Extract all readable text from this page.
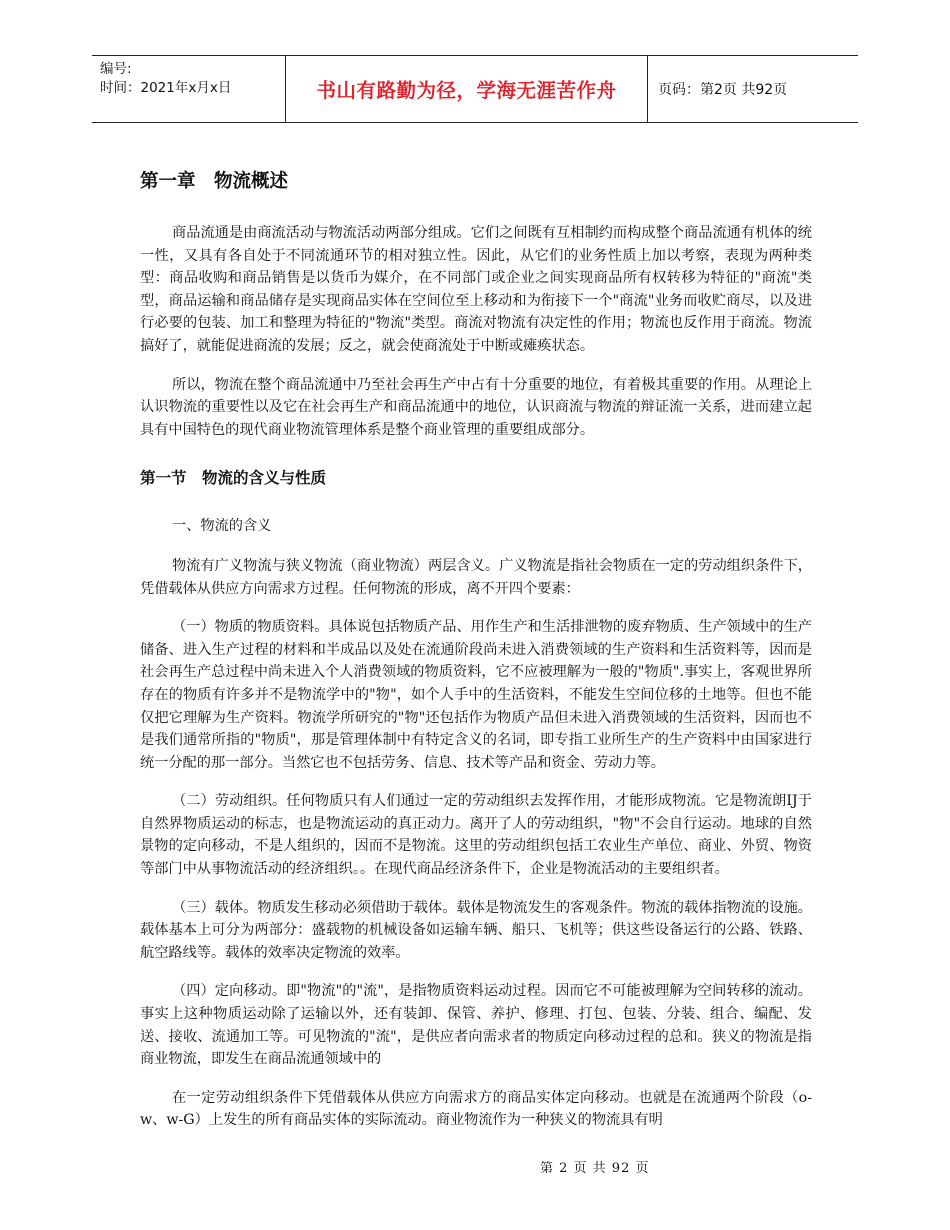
编号:
时间：2021年x月x日	书山有路勤为径，学海无涯苦作舟	页码：第2页 共92页
第一章　物流概述

商品流通是由商流活动与物流活动两部分组成。它们之间既有互相制约而构成整个商品流通有机体的统一性，又具有各自处于不同流通环节的相对独立性。因此，从它们的业务性质上加以考察，表现为两种类型：商品收购和商品销售是以货币为媒介，在不同部门或企业之间实现商品所有权转移为特征的"商流"类型，商品运输和商品储存是实现商品实体在空间位至上移动和为衔接下一个"商流"业务而收贮商尽，以及进行必要的包装、加工和整理为特征的"物流"类型。商流对物流有决定性的作用；物流也反作用于商流。物流搞好了，就能促进商流的发展；反之，就会使商流处于中断或瘫痪状态。

所以，物流在整个商品流通中乃至社会再生产中占有十分重要的地位，有着极其重要的作用。从理论上认识物流的重要性以及它在社会再生产和商品流通中的地位，认识商流与物流的辩证流一关系，进而建立起具有中国特色的现代商业物流管理体系是整个商业管理的重要组成部分。

第一节　物流的含义与性质
一、物流的含义

物流有广义物流与狭义物流（商业物流）两层含义。广义物流是指社会物质在一定的劳动组织条件下，凭借载体从供应方向需求方过程。任何物流的形成，离不开四个要素：

（一）物质的物质资料。具体说包括物质产品、用作生产和生活排泄物的废弃物质、生产领域中的生产储备、进入生产过程的材料和半成品以及处在流通阶段尚未进入消费领域的生产资料和生活资料等，因而是社会再生产总过程中尚未进入个人消费领域的物质资料，它不应被理解为一般的"物质".事实上，客观世界所存在的物质有许多并不是物流学中的"物"，如个人手中的生活资料，不能发生空间位移的土地等。但也不能仅把它理解为生产资料。物流学所研究的"物"还包括作为物质产品但未进入消费领域的生活资料，因而也不是我们通常所指的"物质"，那是管理体制中有特定含义的名词，即专指工业所生产的生产资料中由国家进行统一分配的那一部分。当然它也不包括劳务、信息、技术等产品和资金、劳动力等。

（二）劳动组织。任何物质只有人们通过一定的劳动组织去发挥作用，才能形成物流。它是物流朗IJ于自然界物质运动的标志，也是物流运动的真正动力。离开了人的劳动组织，"物"不会自行运动。地球的自然景物的定向移动，不是人组织的，因而不是物流。这里的劳动组织包括工农业生产单位、商业、外贸、物资等部门中从事物流活动的经济组织。。在现代商品经济条件下，企业是物流活动的主要组织者。

（三）载体。物质发生移动必须借助于载体。载体是物流发生的客观条件。物流的载体指物流的设施。载体基本上可分为两部分：盛载物的机械设备如运输车辆、船只、飞机等；供这些设备运行的公路、铁路、航空路线等。载体的效率决定物流的效率。

（四）定向移动。即"物流"的"流"，是指物质资料运动过程。因而它不可能被理解为空间转移的流动。事实上这种物质运动除了运输以外，还有装卸、保管、养护、修理、打包、包装、分装、组合、编配、发送、接收、流通加工等。可见物流的"流"，是供应者向需求者的物质定向移动过程的总和。狭义的物流是指商业物流，即发生在商品流通领域中的

在一定劳动组织条件下凭借载体从供应方向需求方的商品实体定向移动。也就是在流通两个阶段（o-w、w-G）上发生的所有商品实体的实际流动。商业物流作为一种狭义的物流具有明

第 2 页 共 92 页
